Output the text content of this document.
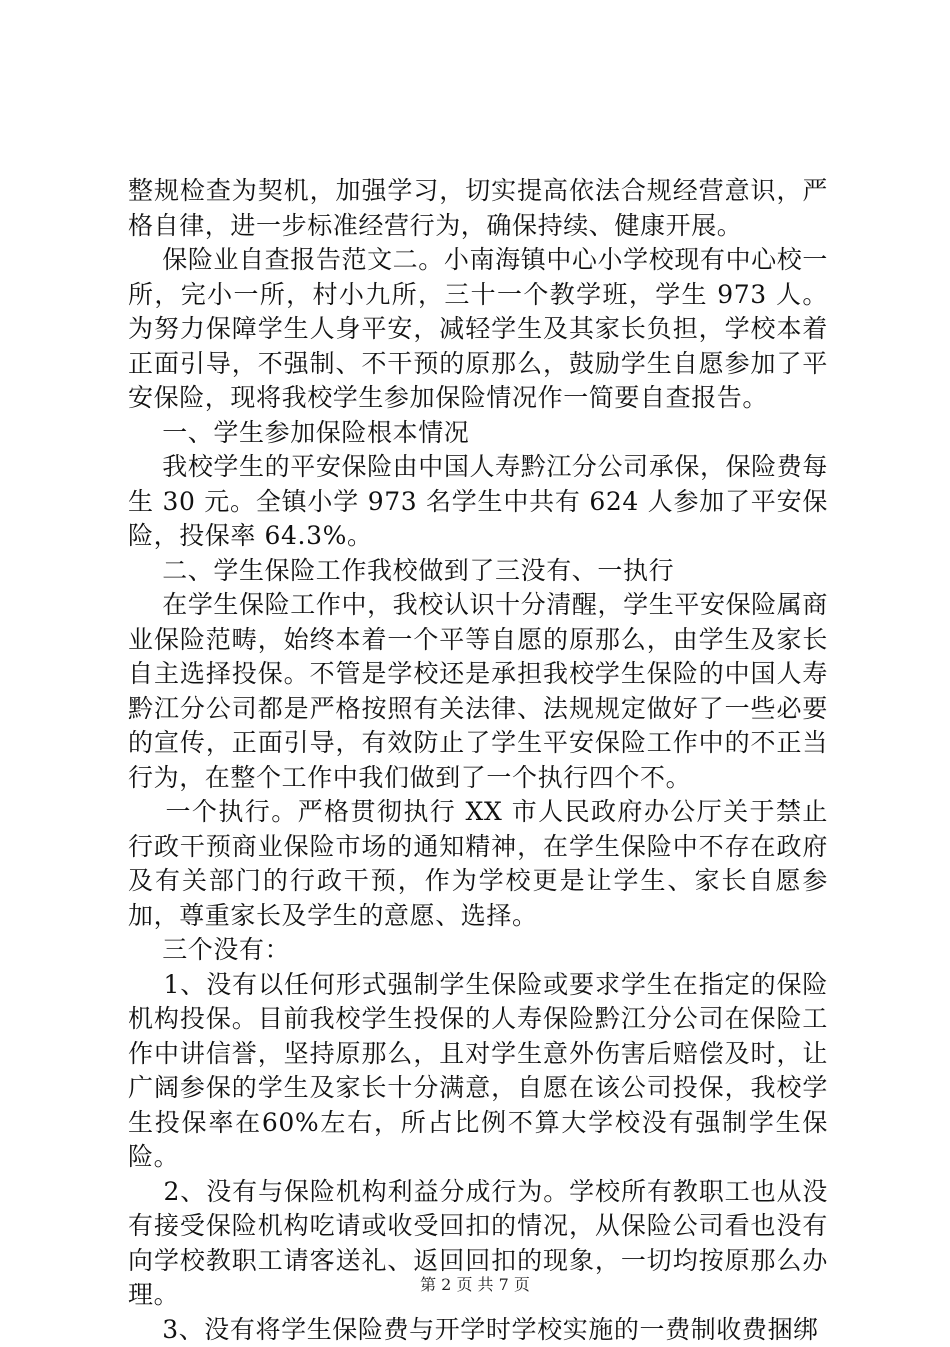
整规检查为契机，加强学习，切实提高依法合规经营意识，严格自律，进一步标准经营行为，确保持续、健康开展。

保险业自查报告范文二。小南海镇中心小学校现有中心校一所，完小一所，村小九所，三十一个教学班，学生 973 人。为努力保障学生人身平安，减轻学生及其家长负担，学校本着正面引导，不强制、不干预的原那么，鼓励学生自愿参加了平安保险，现将我校学生参加保险情况作一简要自查报告。

一、学生参加保险根本情况

我校学生的平安保险由中国人寿黔江分公司承保，保险费每生 30 元。全镇小学 973 名学生中共有 624 人参加了平安保险，投保率 64.3%。

二、学生保险工作我校做到了三没有、一执行

在学生保险工作中，我校认识十分清醒，学生平安保险属商业保险范畴，始终本着一个平等自愿的原那么，由学生及家长自主选择投保。不管是学校还是承担我校学生保险的中国人寿黔江分公司都是严格按照有关法律、法规规定做好了一些必要的宣传，正面引导，有效防止了学生平安保险工作中的不正当行为，在整个工作中我们做到了一个执行四个不。

一个执行。严格贯彻执行 XX 市人民政府办公厅关于禁止行政干预商业保险市场的通知精神，在学生保险中不存在政府及有关部门的行政干预，作为学校更是让学生、家长自愿参加，尊重家长及学生的意愿、选择。

三个没有：

1、没有以任何形式强制学生保险或要求学生在指定的保险机构投保。目前我校学生投保的人寿保险黔江分公司在保险工作中讲信誉，坚持原那么，且对学生意外伤害后赔偿及时，让广阔参保的学生及家长十分满意，自愿在该公司投保，我校学生投保率在60%左右，所占比例不算大学校没有强制学生保险。

2、没有与保险机构利益分成行为。学校所有教职工也从没有接受保险机构吃请或收受回扣的情况，从保险公司看也没有向学校教职工请客送礼、返回回扣的现象，一切均按原那么办理。

3、没有将学生保险费与开学时学校实施的一费制收费捆绑

第 2 页 共 7 页
